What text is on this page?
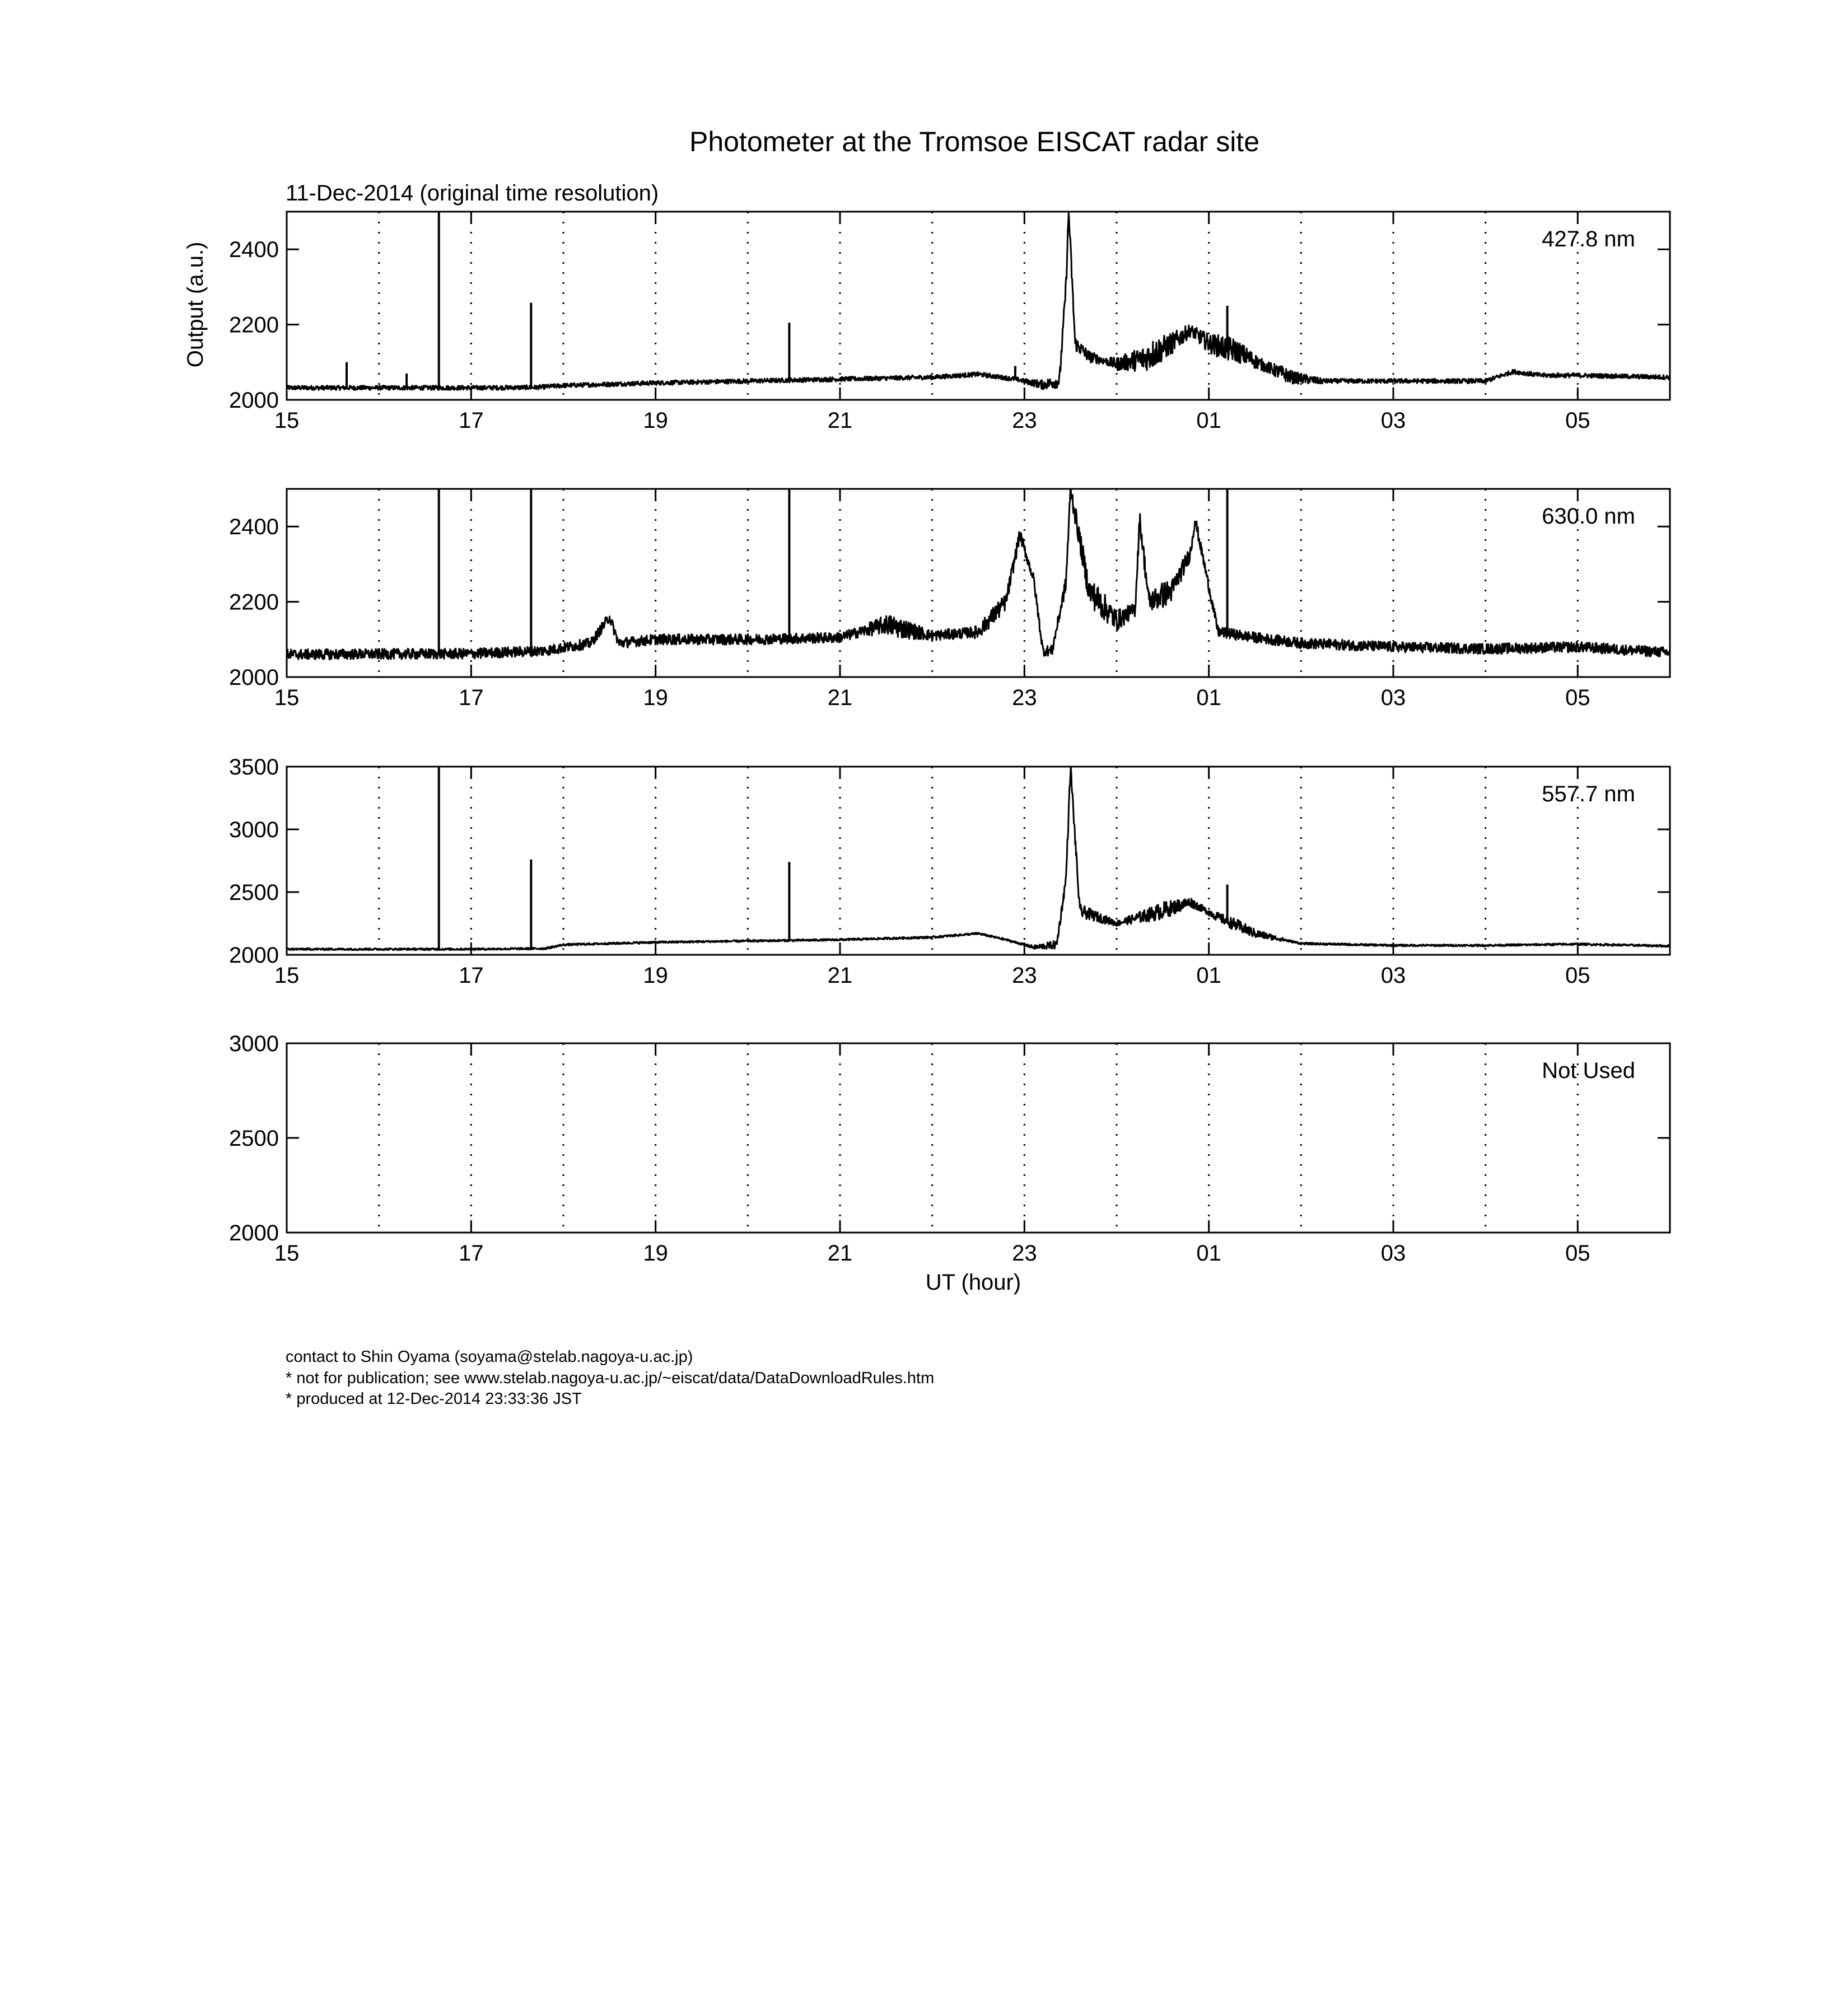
Photometer at the Tromsoe EISCAT radar site
11-Dec-2014 (original time resolution)
Output (a.u.)
UT (hour)
contact to Shin Oyama (soyama@stelab.nagoya-u.ac.jp)
* not for publication; see www.stelab.nagoya-u.ac.jp/~eiscat/data/DataDownloadRules.htm
* produced at 12-Dec-2014 23:33:36 JST
2000
2200
2400
15	17	19	21	23	01	03	05
427.8 nm
2000
2200
2400
15	17	19	21	23	01	03	05
630.0 nm
2000
2500
3000
3500
15	17	19	21	23	01	03	05
557.7 nm
2000
2500
3000
15	17	19	21	23	01	03	05
Not Used
